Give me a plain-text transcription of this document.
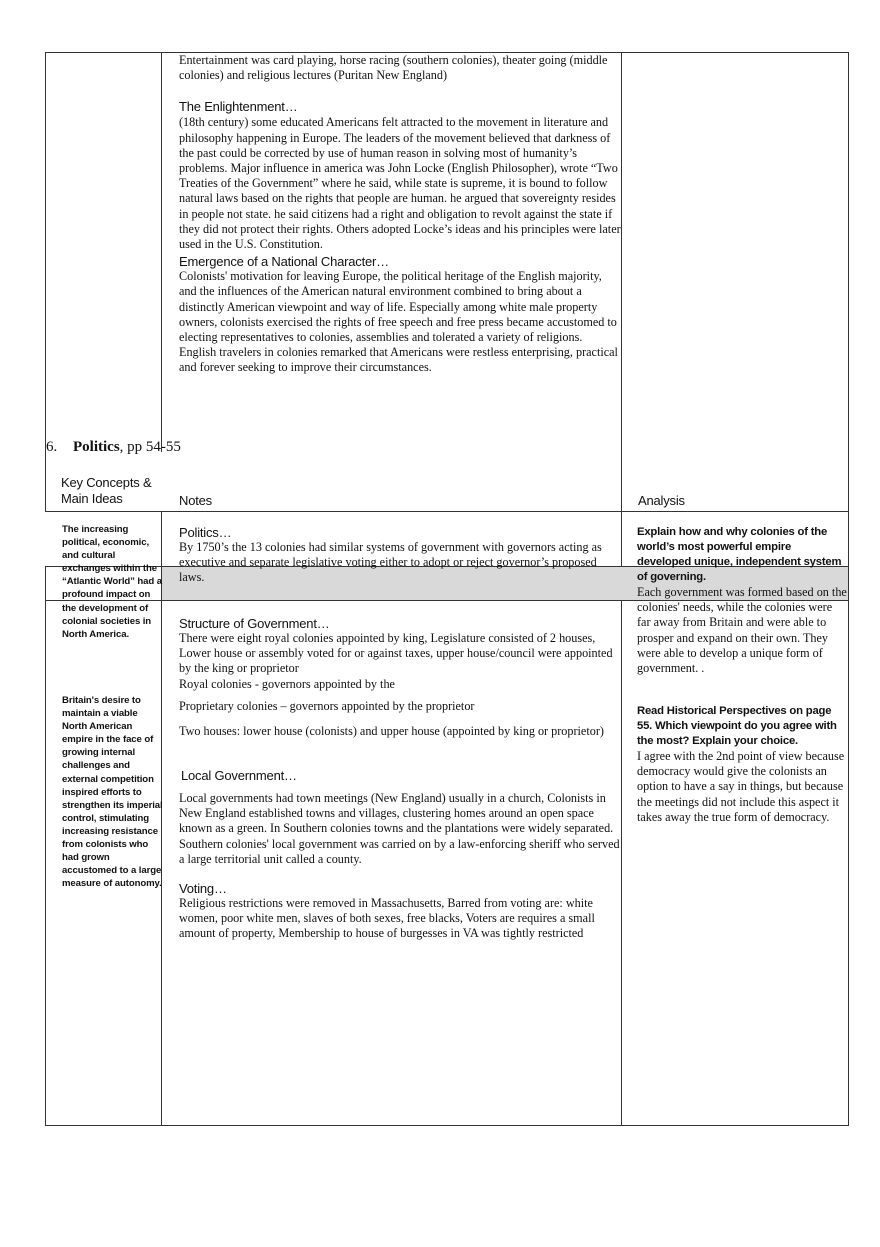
Entertainment was card playing, horse racing (southern colonies), theater going (middle colonies) and religious lectures (Puritan New England)

The Enlightenment…

(18th century) some educated Americans felt attracted to the movement in literature and philosophy happening in Europe. The leaders of the movement believed that darkness of the past could be corrected by use of human reason in solving most of humanity’s problems. Major influence in america was John Locke (English Philosopher), wrote “Two Treaties of the Government” where he said, while state is supreme, it is bound to follow natural laws based on the rights that people are human. he argued that sovereignty resides in people not state. he said citizens had a right and obligation to revolt against the state if they did not protect their rights. Others adopted Locke’s ideas and his principles were later used in the U.S. Constitution.

Emergence of a National Character…

Colonists' motivation for leaving Europe, the political heritage of the English majority, and the influences of the American natural environment combined to bring about a distinctly American viewpoint and way of life. Especially among white male property owners, colonists exercised the rights of free speech and free press became accustomed to electing representatives to colonies, assemblies and tolerated a variety of religions. English travelers in colonies remarked that Americans were restless enterprising, practical and forever seeking to improve their circumstances.

6. Politics, pp 54-55
Key Concepts &
Main Ideas	Notes	Analysis
The increasing political, economic, and cultural exchanges within the “Atlantic World” had a profound impact on the development of colonial societies in North America.
Britain's desire to maintain a viable North American empire in the face of growing internal challenges and external competition inspired efforts to strengthen its imperial control, stimulating increasing resistance from colonists who had grown accustomed to a large measure of autonomy.
Politics…

By 1750’s the 13 colonies had similar systems of government with governors acting as executive and separate legislative voting either to adopt or reject governor’s proposed laws.

Structure of Government…

There were eight royal colonies appointed by king, Legislature consisted of 2 houses, Lower house or assembly voted for or against taxes, upper house/council were appointed by the king or proprietor

Royal colonies - governors appointed by the

Proprietary colonies – governors appointed by the proprietor
Two houses: lower house (colonists) and upper house (appointed by king or proprietor)
Local Government…
Local governments had town meetings (New England) usually in a church, Colonists in New England established towns and villages, clustering homes around an open space known as a green. In Southern colonies towns and the plantations were widely separated. Southern colonies' local government was carried on by a law-enforcing sheriff who served a large territorial unit called a county.
Voting…

Religious restrictions were removed in Massachusetts, Barred from voting are: white women, poor white men, slaves of both sexes, free blacks, Voters are requires a small amount of property, Membership to house of burgesses in VA was tightly restricted

Explain how and why colonies of the world’s most powerful empire developed unique, independent system of governing.
Each government was formed based on the colonies' needs, while the colonies were far away from Britain and were able to prosper and expand on their own. They were able to develop a unique form of government. .
Read Historical Perspectives on page 55. Which viewpoint do you agree with the most? Explain your choice.
I agree with the 2nd point of view because democracy would give the colonists an option to have a say in things, but because the meetings did not include this aspect it takes away the true form of democracy.
